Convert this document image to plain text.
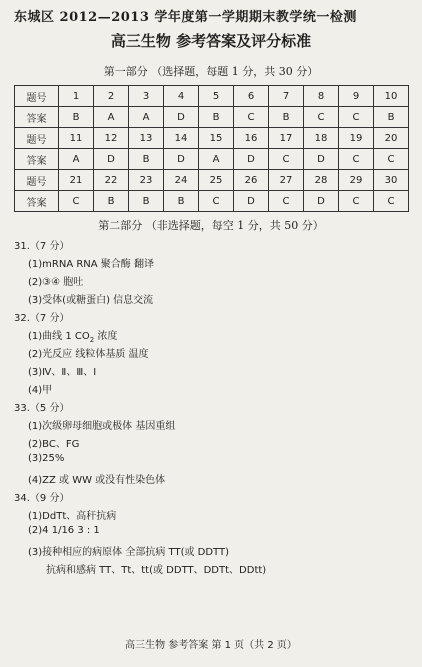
东城区 2012—2013 学年度第一学期期末教学统一检测
高三生物 参考答案及评分标准
第一部分 （选择题，每题 1 分，共 30 分）
题号	1	2	3	4	5	6	7	8	9	10
答案	B	A	A	D	B	C	B	C	C	B
题号	11	12	13	14	15	16	17	18	19	20
答案	A	D	B	D	A	D	C	D	C	C
题号	21	22	23	24	25	26	27	28	29	30
答案	C	B	B	B	C	D	C	D	C	C
第二部分 （非选择题，每空 1 分，共 50 分）
31.（7 分）
(1)mRNA RNA 聚合酶 翻译
(2)③④ 胞吐
(3)受体(或糖蛋白) 信息交流
32.（7 分）
(1)曲线 1 $CO_2$ 浓度
(2)光反应 线粒体基质 温度
(3)Ⅳ、Ⅱ、Ⅲ、Ⅰ
(4)甲
33.（5 分）
(1)次级卵母细胞或极体 基因重组
(2)BC、FG
(3)25%
(4)ZZ 或 WW 或没有性染色体
34.（9 分）
(1)DdTt、高秆抗病
(2)4 1/16 3 : 1
(3)接种相应的病原体 全部抗病 TT(或 DDTT)
抗病和感病 TT、Tt、tt(或 DDTT、DDTt、DDtt)
高三生物 参考答案 第 1 页（共 2 页）
